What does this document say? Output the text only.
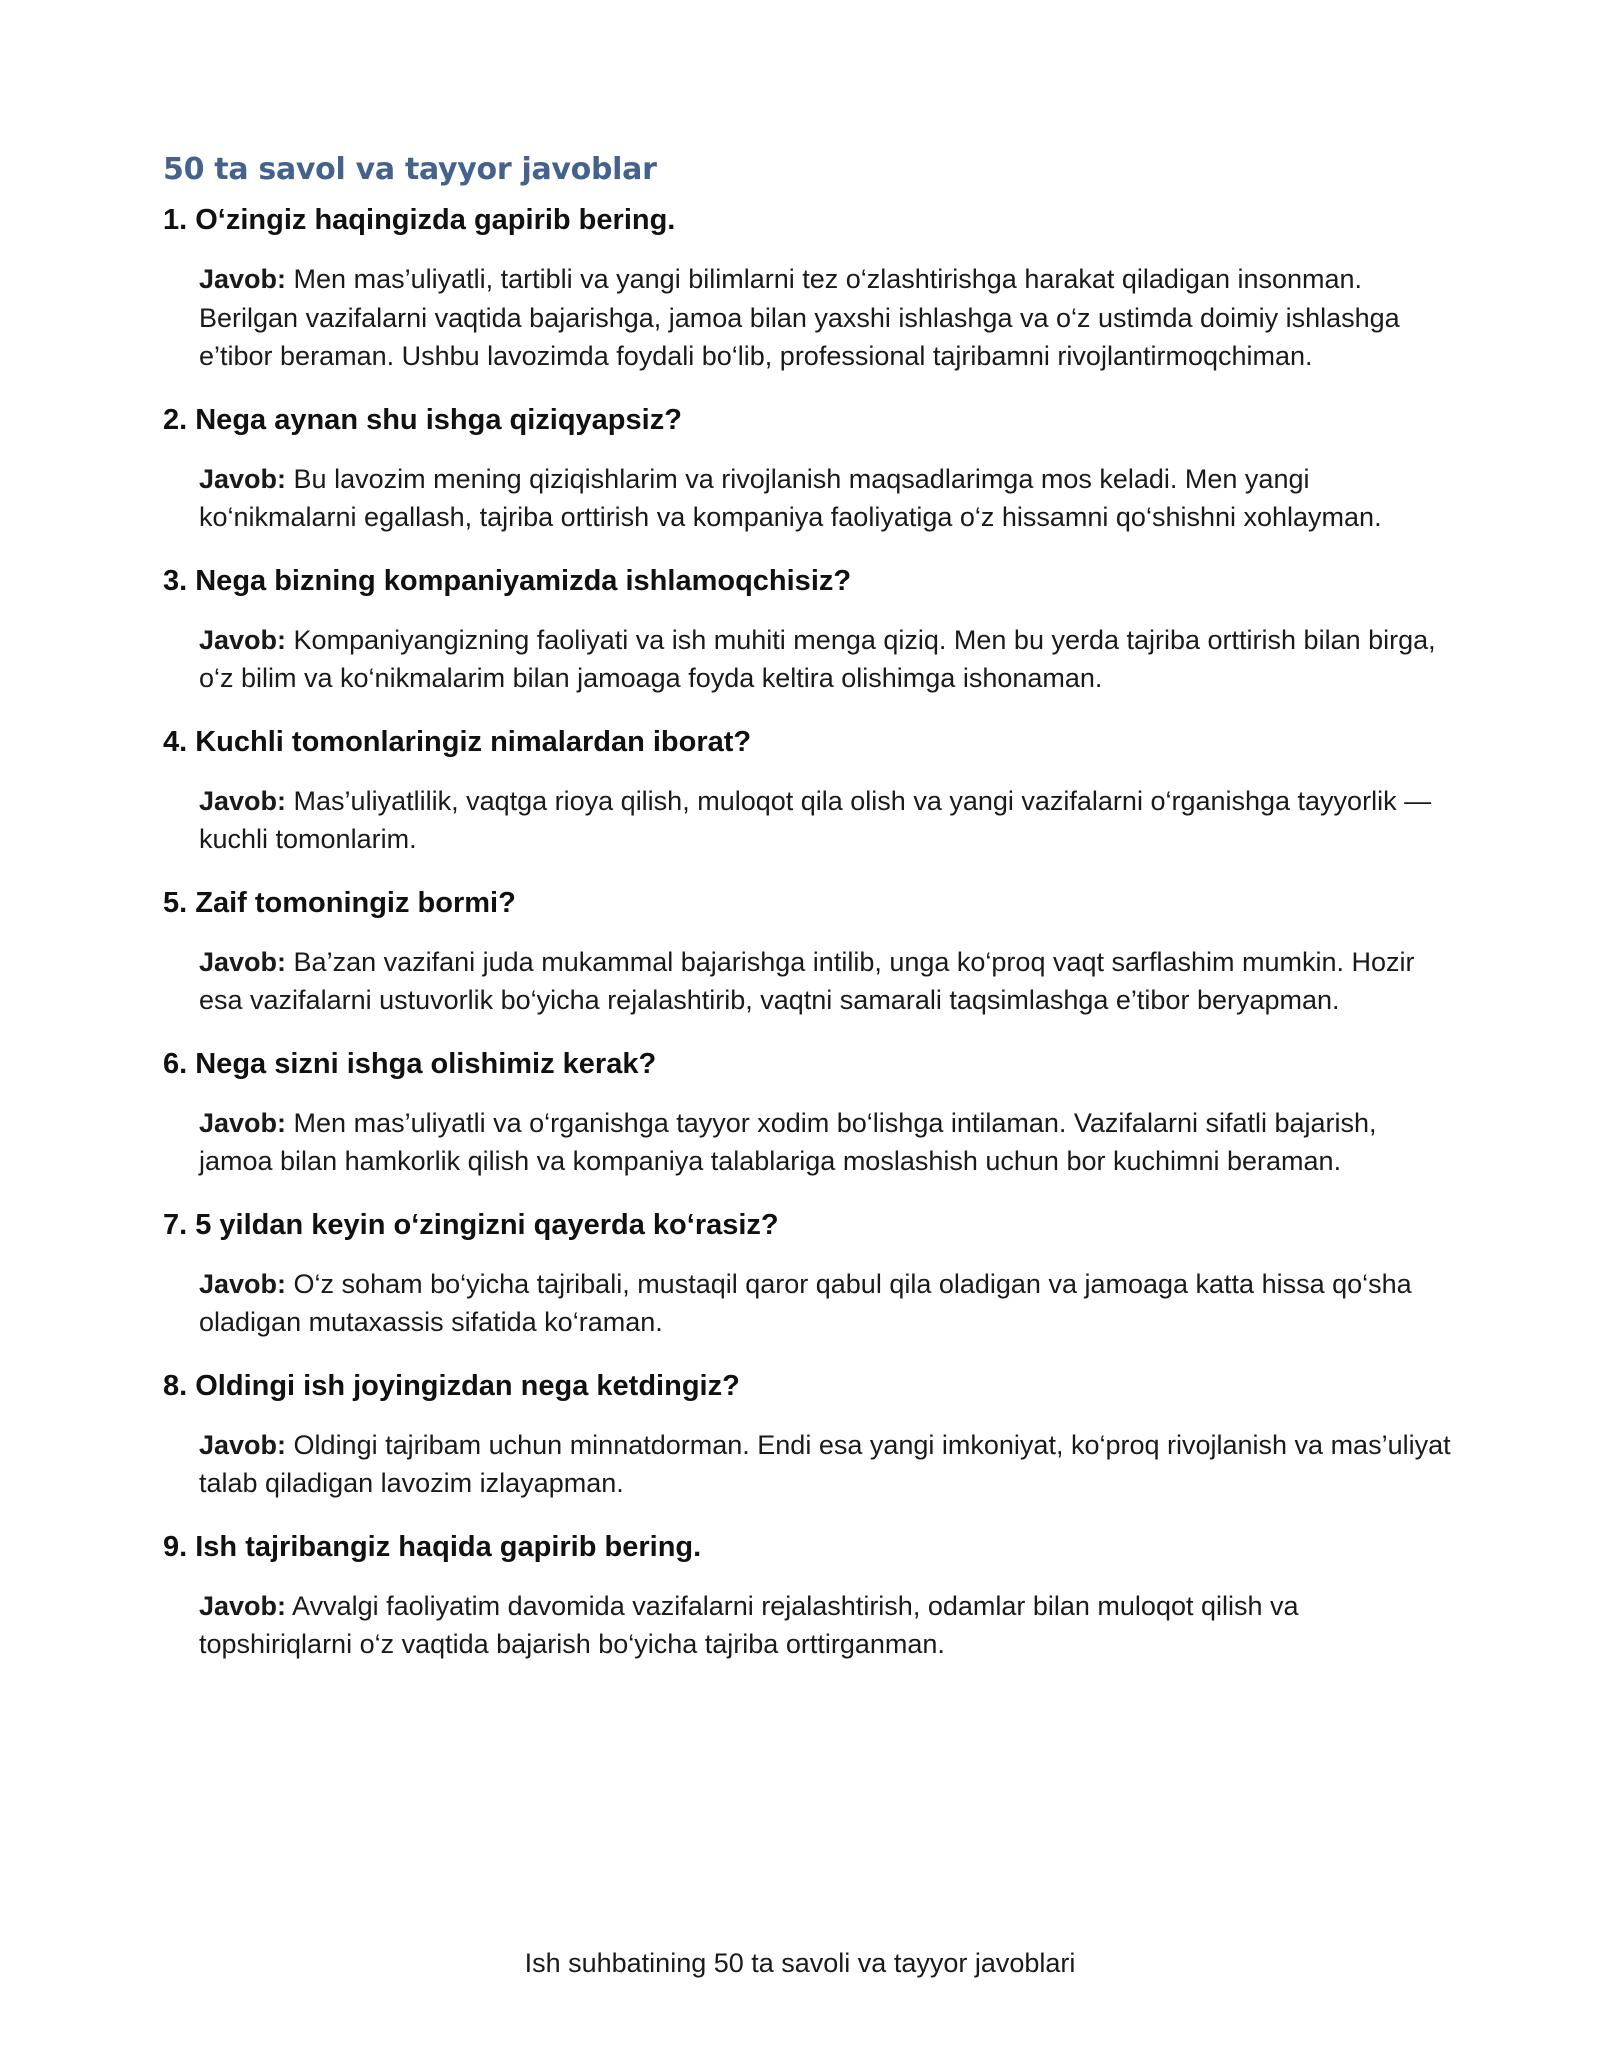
50 ta savol va tayyor javoblar

1. O‘zingiz haqingizda gapirib bering.

Javob: Men mas’uliyatli, tartibli va yangi bilimlarni tez o‘zlashtirishga harakat qiladigan insonman. Berilgan vazifalarni vaqtida bajarishga, jamoa bilan yaxshi ishlashga va o‘z ustimda doimiy ishlashga e’tibor beraman. Ushbu lavozimda foydali bo‘lib, professional tajribamni rivojlantirmoqchiman.

2. Nega aynan shu ishga qiziqyapsiz?

Javob: Bu lavozim mening qiziqishlarim va rivojlanish maqsadlarimga mos keladi. Men yangi ko‘nikmalarni egallash, tajriba orttirish va kompaniya faoliyatiga o‘z hissamni qo‘shishni xohlayman.

3. Nega bizning kompaniyamizda ishlamoqchisiz?

Javob: Kompaniyangizning faoliyati va ish muhiti menga qiziq. Men bu yerda tajriba orttirish bilan birga, o‘z bilim va ko‘nikmalarim bilan jamoaga foyda keltira olishimga ishonaman.

4. Kuchli tomonlaringiz nimalardan iborat?

Javob: Mas’uliyatlilik, vaqtga rioya qilish, muloqot qila olish va yangi vazifalarni o‘rganishga tayyorlik — kuchli tomonlarim.

5. Zaif tomoningiz bormi?

Javob: Ba’zan vazifani juda mukammal bajarishga intilib, unga ko‘proq vaqt sarflashim mumkin. Hozir esa vazifalarni ustuvorlik bo‘yicha rejalashtirib, vaqtni samarali taqsimlashga e’tibor beryapman.

6. Nega sizni ishga olishimiz kerak?

Javob: Men mas’uliyatli va o‘rganishga tayyor xodim bo‘lishga intilaman. Vazifalarni sifatli bajarish, jamoa bilan hamkorlik qilish va kompaniya talablariga moslashish uchun bor kuchimni beraman.

7. 5 yildan keyin o‘zingizni qayerda ko‘rasiz?

Javob: O‘z soham bo‘yicha tajribali, mustaqil qaror qabul qila oladigan va jamoaga katta hissa qo‘sha oladigan mutaxassis sifatida ko‘raman.

8. Oldingi ish joyingizdan nega ketdingiz?

Javob: Oldingi tajribam uchun minnatdorman. Endi esa yangi imkoniyat, ko‘proq rivojlanish va mas’uliyat talab qiladigan lavozim izlayapman.

9. Ish tajribangiz haqida gapirib bering.

Javob: Avvalgi faoliyatim davomida vazifalarni rejalashtirish, odamlar bilan muloqot qilish va topshiriqlarni o‘z vaqtida bajarish bo‘yicha tajriba orttirganman.

Ish suhbatining 50 ta savoli va tayyor javoblari
